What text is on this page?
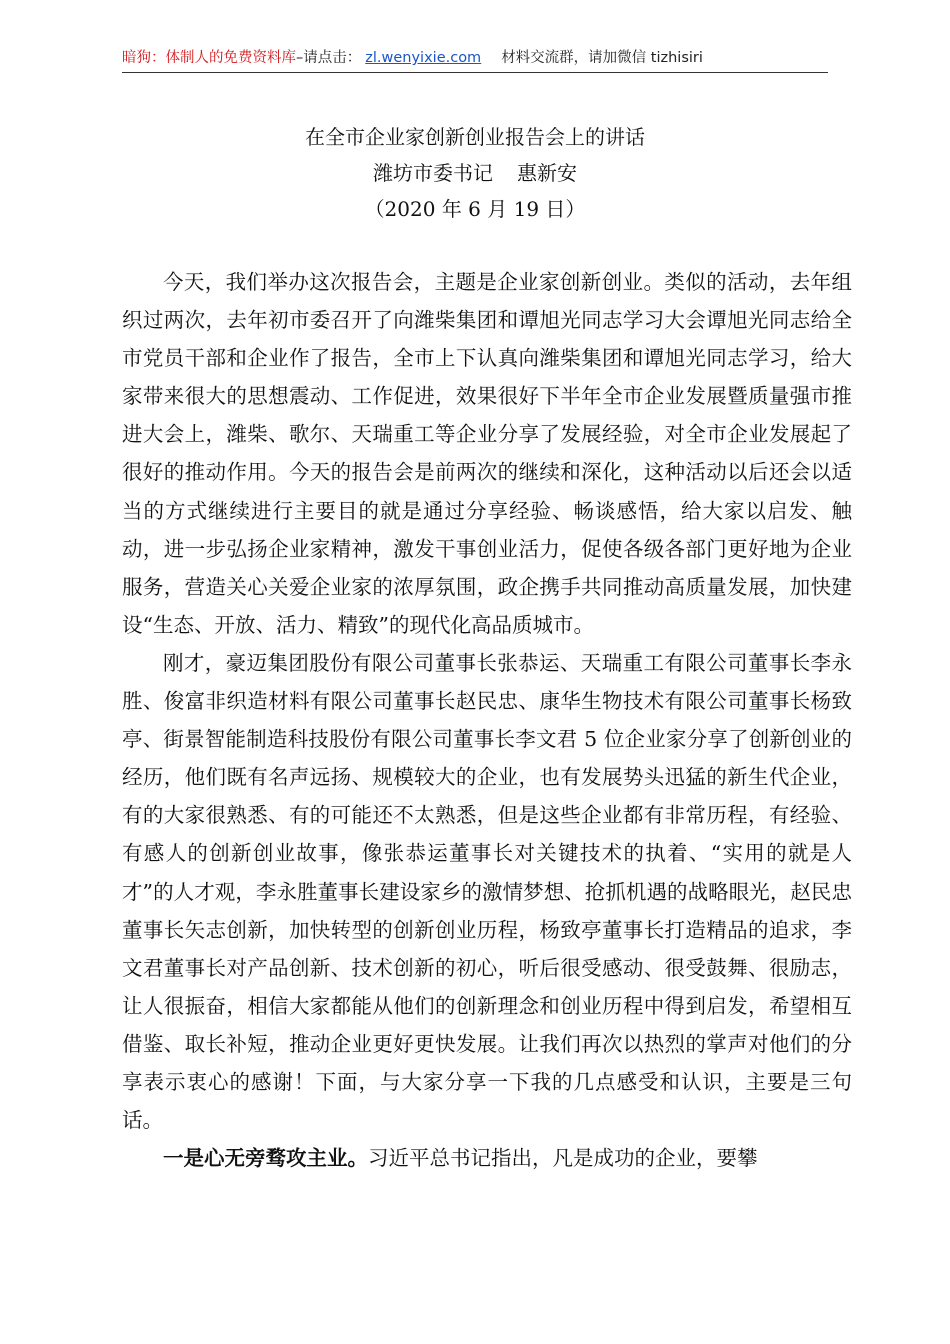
暗狗：体制人的免费资料库–请点击： zl.wenyixie.com 材料交流群，请加微信 tizhisiri
在全市企业家创新创业报告会上的讲话
潍坊市委书记 惠新安
（2020 年 6 月 19 日）

今天，我们举办这次报告会，主题是企业家创新创业。类似的活动，去年组织过两次，去年初市委召开了向潍柴集团和谭旭光同志学习大会谭旭光同志给全市党员干部和企业作了报告，全市上下认真向潍柴集团和谭旭光同志学习，给大家带来很大的思想震动、工作促进，效果很好下半年全市企业发展暨质量强市推进大会上，潍柴、歌尔、天瑞重工等企业分享了发展经验，对全市企业发展起了很好的推动作用。今天的报告会是前两次的继续和深化，这种活动以后还会以适当的方式继续进行主要目的就是通过分享经验、畅谈感悟，给大家以启发、触动，进一步弘扬企业家精神，激发干事创业活力，促使各级各部门更好地为企业服务，营造关心关爱企业家的浓厚氛围，政企携手共同推动高质量发展，加快建设“生态、开放、活力、精致”的现代化高品质城市。

刚才，豪迈集团股份有限公司董事长张恭运、天瑞重工有限公司董事长李永胜、俊富非织造材料有限公司董事长赵民忠、康华生物技术有限公司董事长杨致亭、街景智能制造科技股份有限公司董事长李文君 5 位企业家分享了创新创业的经历，他们既有名声远扬、规模较大的企业，也有发展势头迅猛的新生代企业，有的大家很熟悉、有的可能还不太熟悉，但是这些企业都有非常历程，有经验、有感人的创新创业故事，像张恭运董事长对关键技术的执着、“实用的就是人才”的人才观，李永胜董事长建设家乡的激情梦想、抢抓机遇的战略眼光，赵民忠董事长矢志创新，加快转型的创新创业历程，杨致亭董事长打造精品的追求，李文君董事长对产品创新、技术创新的初心，听后很受感动、很受鼓舞、很励志，让人很振奋，相信大家都能从他们的创新理念和创业历程中得到启发，希望相互借鉴、取长补短，推动企业更好更快发展。让我们再次以热烈的掌声对他们的分享表示衷心的感谢！下面，与大家分享一下我的几点感受和认识，主要是三句话。

一是心无旁骛攻主业。习近平总书记指出，凡是成功的企业，要攀
